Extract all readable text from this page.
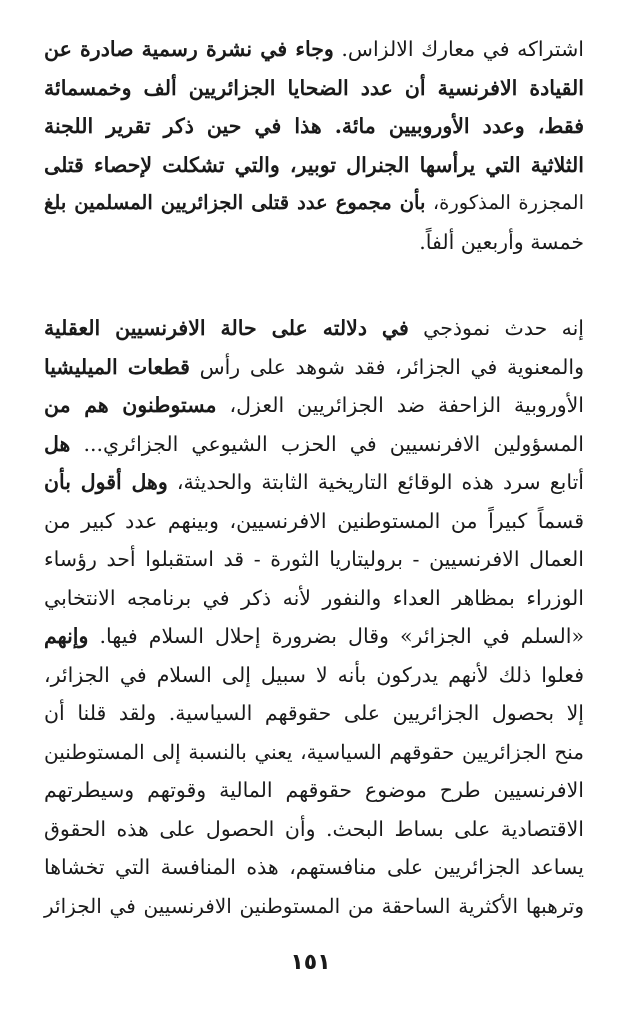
اشتراكه في معارك الالزاس. وجاء في نشرة رسمية صادرة عن
القيادة الافرنسية أن عدد الضحايا الجزائريين ألف وخمسمائة
فقط، وعدد الأوروبيين مائة. هذا في حين ذكر تقرير اللجنة
الثلاثية التي يرأسها الجنرال توبير، والتي تشكلت لإحصاء قتلى
المجزرة المذكورة، بأن مجموع عدد قتلى الجزائريين المسلمين بلغ
خمسة وأربعين ألفاً.
إنه حدث نموذجي في دلالته على حالة الافرنسيين العقلية
والمعنوية في الجزائر، فقد شوهد على رأس قطعات الميليشيا
الأوروبية الزاحفة ضد الجزائريين العزل، مستوطنون هم من
المسؤولين الافرنسيين في الحزب الشيوعي الجزائري... هل
أتابع سرد هذه الوقائع التاريخية الثابتة والحديثة، وهل أقول بأن
قسماً كبيراً من المستوطنين الافرنسيين، وبينهم عدد كبير من
العمال الافرنسيين - بروليتاريا الثورة - قد استقبلوا أحد رؤساء
الوزراء بمظاهر العداء والنفور لأنه ذكر في برنامجه الانتخابي
«السلم في الجزائر» وقال بضرورة إحلال السلام فيها. وإنهم
فعلوا ذلك لأنهم يدركون بأنه لا سبيل إلى السلام في الجزائر،
إلا بحصول الجزائريين على حقوقهم السياسية. ولقد قلنا أن
منح الجزائريين حقوقهم السياسية، يعني بالنسبة إلى المستوطنين
الافرنسيين طرح موضوع حقوقهم المالية وقوتهم وسيطرتهم
الاقتصادية على بساط البحث. وأن الحصول على هذه الحقوق
يساعد الجزائريين على منافستهم، هذه المنافسة التي تخشاها
وترهبها الأكثرية الساحقة من المستوطنين الافرنسيين في الجزائر
١٥١
